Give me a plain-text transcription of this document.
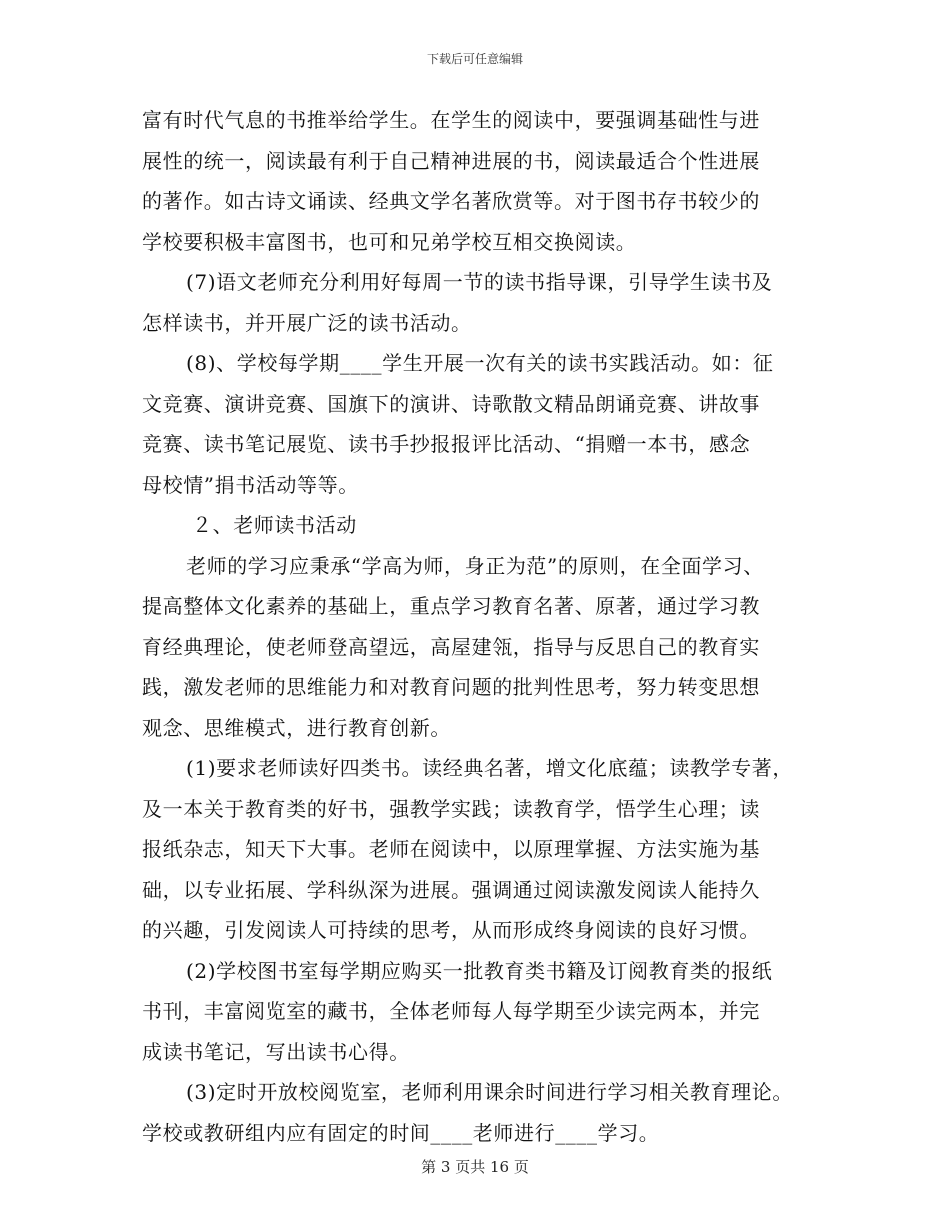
下载后可任意编辑
富有时代气息的书推举给学生。在学生的阅读中，要强调基础性与进
展性的统一，阅读最有利于自己精神进展的书，阅读最适合个性进展
的著作。如古诗文诵读、经典文学名著欣赏等。对于图书存书较少的
学校要积极丰富图书，也可和兄弟学校互相交换阅读。
(7)语文老师充分利用好每周一节的读书指导课，引导学生读书及
怎样读书，并开展广泛的读书活动。
(8)、学校每学期____学生开展一次有关的读书实践活动。如：征
文竞赛、演讲竞赛、国旗下的演讲、诗歌散文精品朗诵竞赛、讲故事
竞赛、读书笔记展览、读书手抄报报评比活动、“捐赠一本书，感念
母校情”捐书活动等等。
２、老师读书活动
老师的学习应秉承“学高为师，身正为范”的原则，在全面学习、
提高整体文化素养的基础上，重点学习教育名著、原著，通过学习教
育经典理论，使老师登高望远，高屋建瓴，指导与反思自己的教育实
践，激发老师的思维能力和对教育问题的批判性思考，努力转变思想
观念、思维模式，进行教育创新。
(1)要求老师读好四类书。读经典名著，增文化底蕴；读教学专著，
及一本关于教育类的好书，强教学实践；读教育学，悟学生心理；读
报纸杂志，知天下大事。老师在阅读中，以原理掌握、方法实施为基
础，以专业拓展、学科纵深为进展。强调通过阅读激发阅读人能持久
的兴趣，引发阅读人可持续的思考，从而形成终身阅读的良好习惯。
(2)学校图书室每学期应购买一批教育类书籍及订阅教育类的报纸
书刊，丰富阅览室的藏书，全体老师每人每学期至少读完两本，并完
成读书笔记，写出读书心得。
(3)定时开放校阅览室，老师利用课余时间进行学习相关教育理论。
学校或教研组内应有固定的时间____老师进行____学习。
第 3 页共 16 页
